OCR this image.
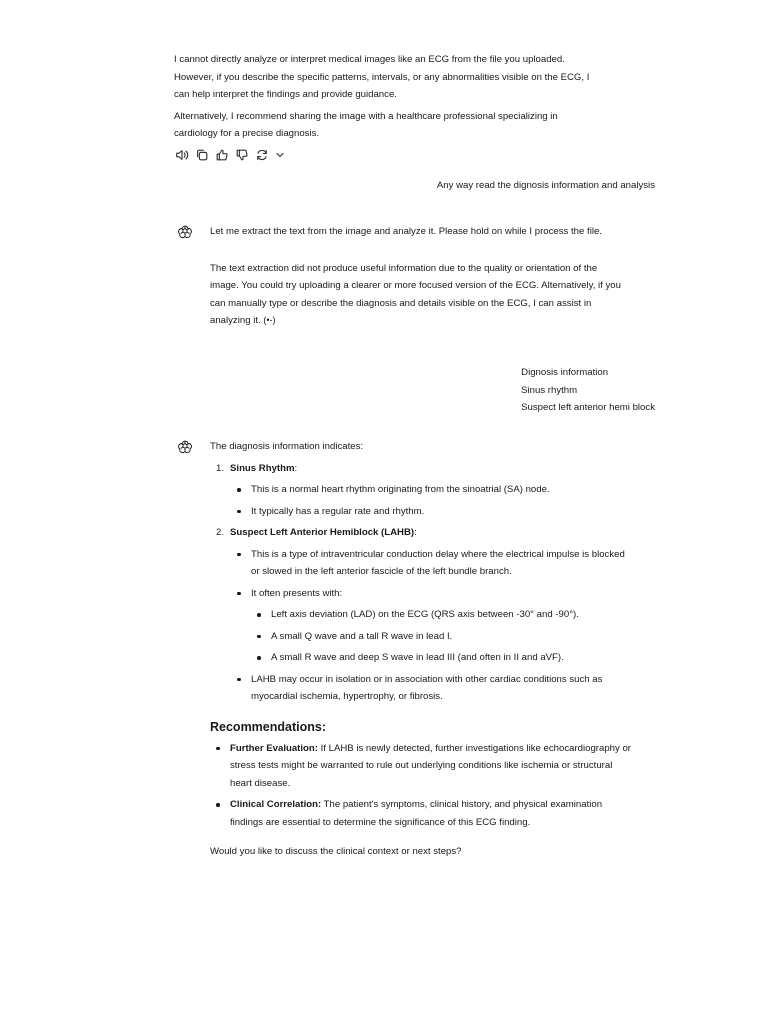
I cannot directly analyze or interpret medical images like an ECG from the file you uploaded.
However, if you describe the specific patterns, intervals, or any abnormalities visible on the ECG, I
can help interpret the findings and provide guidance.
Alternatively, I recommend sharing the image with a healthcare professional specializing in
cardiology for a precise diagnosis.
Any way read the dignosis information and analysis
Let me extract the text from the image and analyze it. Please hold on while I process the file.
The text extraction did not produce useful information due to the quality or orientation of the
image. You could try uploading a clearer or more focused version of the ECG. Alternatively, if you
can manually type or describe the diagnosis and details visible on the ECG, I can assist in
analyzing it. (•-)
Dignosis information
Sinus rhythm
Suspect left anterior hemi block
The diagnosis information indicates:
1. Sinus Rhythm:
This is a normal heart rhythm originating from the sinoatrial (SA) node.
It typically has a regular rate and rhythm.
2. Suspect Left Anterior Hemiblock (LAHB):
This is a type of intraventricular conduction delay where the electrical impulse is blocked
or slowed in the left anterior fascicle of the left bundle branch.
It often presents with:
Left axis deviation (LAD) on the ECG (QRS axis between -30° and -90°).
A small Q wave and a tall R wave in lead I.
A small R wave and deep S wave in lead III (and often in II and aVF).
LAHB may occur in isolation or in association with other cardiac conditions such as
myocardial ischemia, hypertrophy, or fibrosis.
Recommendations:
Further Evaluation: If LAHB is newly detected, further investigations like echocardiography or
stress tests might be warranted to rule out underlying conditions like ischemia or structural
heart disease.
Clinical Correlation: The patient's symptoms, clinical history, and physical examination
findings are essential to determine the significance of this ECG finding.
Would you like to discuss the clinical context or next steps?
